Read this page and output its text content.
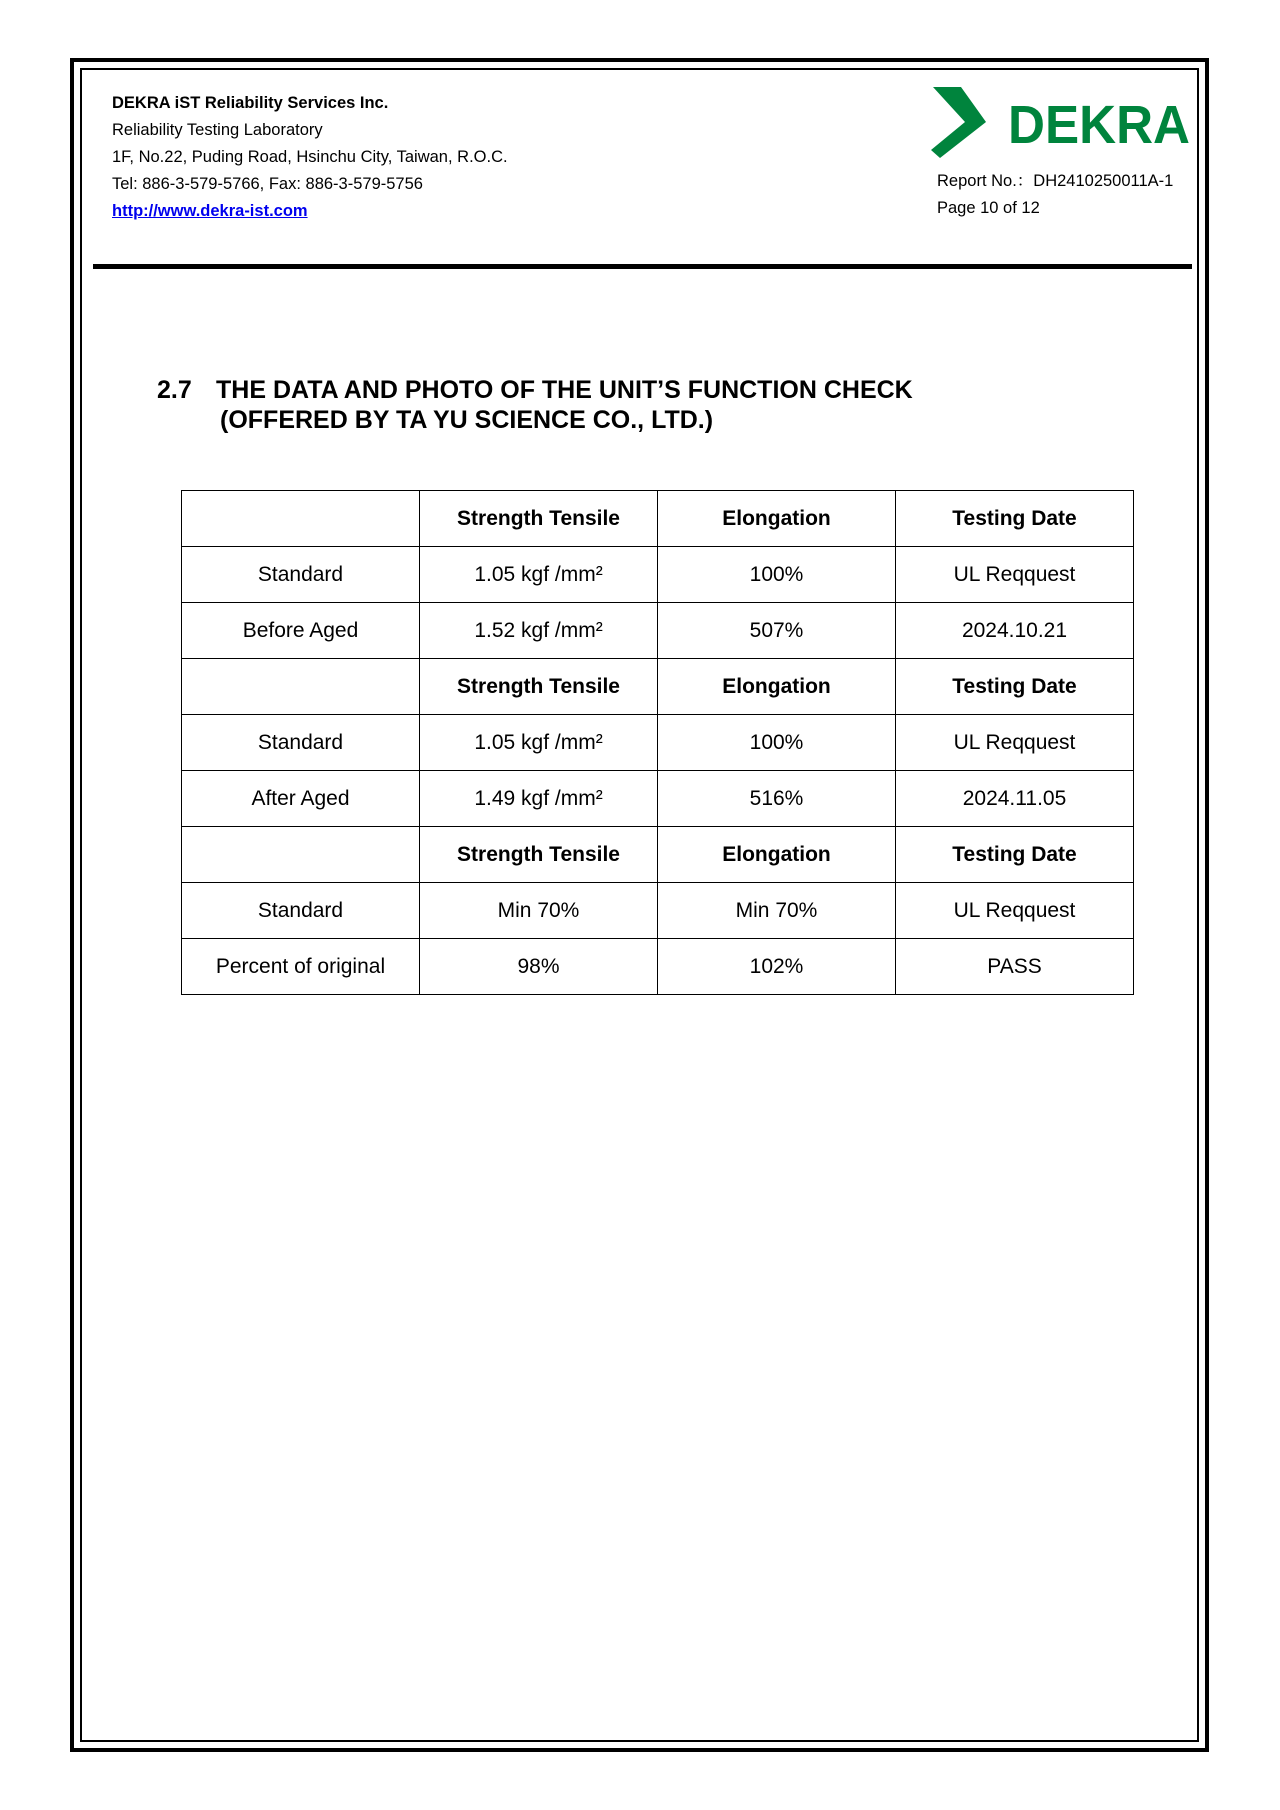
DEKRA iST Reliability Services Inc.
Reliability Testing Laboratory
1F, No.22, Puding Road, Hsinchu City, Taiwan, R.O.C.
Tel: 886-3-579-5766, Fax: 886-3-579-5756
http://www.dekra-ist.com
DEKRA
Report No.：DH2410250011A-1
Page 10 of 12
2.7 THE DATA AND PHOTO OF THE UNIT’S FUNCTION CHECK
(OFFERED BY TA YU SCIENCE CO., LTD.)
	Strength Tensile	Elongation	Testing Date
Standard	1.05 kgf /mm²	100%	UL Reqquest
Before Aged	1.52 kgf /mm²	507%	2024.10.21
	Strength Tensile	Elongation	Testing Date
Standard	1.05 kgf /mm²	100%	UL Reqquest
After Aged	1.49 kgf /mm²	516%	2024.11.05
	Strength Tensile	Elongation	Testing Date
Standard	Min 70%	Min 70%	UL Reqquest
Percent of original	98%	102%	PASS
